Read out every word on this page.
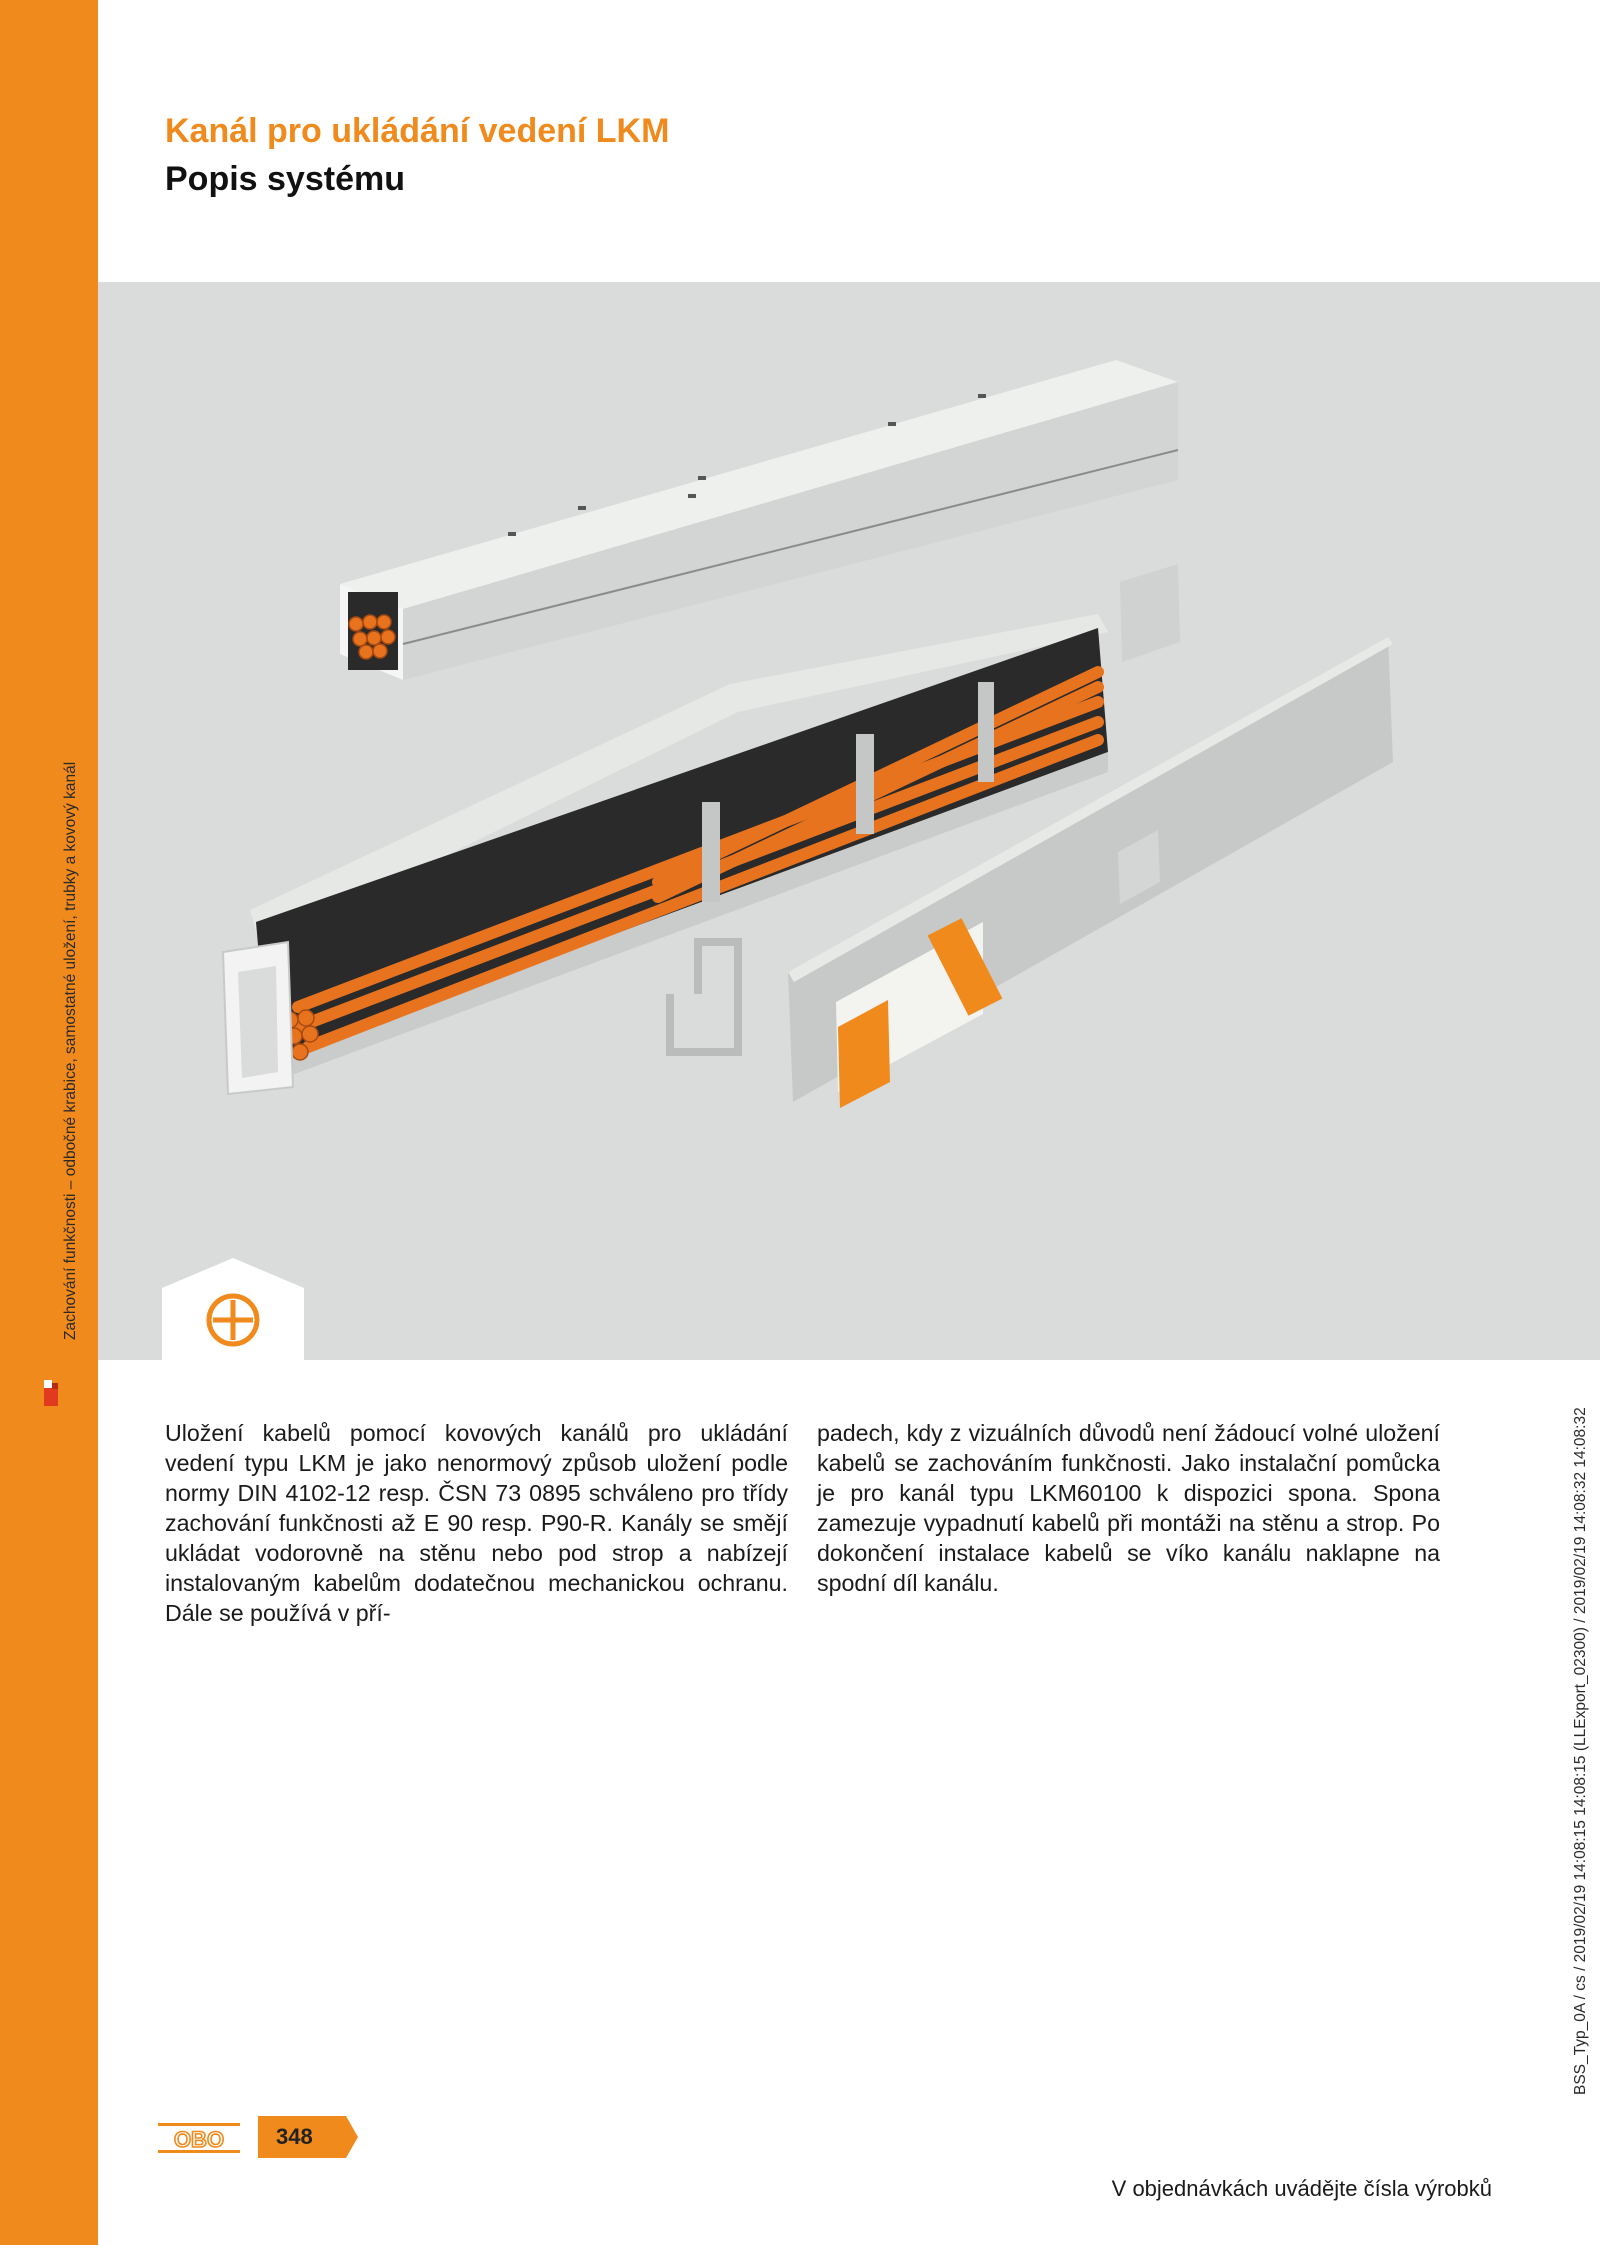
Zachování funkčnosti – odbočné krabice, samostatné uložení, trubky a kovový kanál
Kanál pro ukládání vedení LKM
Popis systému

Uložení kabelů pomocí kovových kanálů pro ukládání vedení typu LKM je jako nenormový způsob uložení podle normy DIN 4102-12 resp. ČSN 73 0895 schváleno pro třídy zachování funkčnosti až E 90 resp. P90-R. Kanály se smějí ukládat vodorovně na stěnu nebo pod strop a nabízejí instalovaným kabelům dodatečnou mechanickou ochranu. Dále se používá v pří-

padech, kdy z vizuálních důvodů není žádoucí volné uložení kabelů se zachováním funkčnosti. Jako instalační pomůcka je pro kanál typu LKM60100 k dispozici spona. Spona zamezuje vypadnutí kabelů při montáži na stěnu a strop. Po dokončení instalace kabelů se víko kanálu naklapne na spodní díl kanálu.	BSS_Typ_0A / cs / 2019/02/19 14:08:15 14:08:15 (LLExport_02300) / 2019/02/19 14:08:32 14:08:32
OBO 348
V objednávkách uvádějte čísla výrobků
